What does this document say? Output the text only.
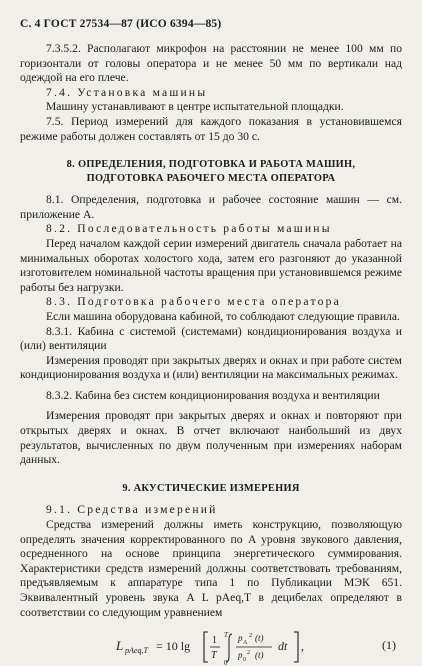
С. 4 ГОСТ 27534—87 (ИСО 6394—85)

7.3.5.2. Располагают микрофон на расстоянии не менее 100 мм по горизонтали от головы оператора и не менее 50 мм по вертикали над одеждой на его плече.

7.4. Установка машины

Машину устанавливают в центре испытательной площадки.

7.5. Период измерений для каждого показания в установившемся режиме работы должен составлять от 15 до 30 с.

8. ОПРЕДЕЛЕНИЯ, ПОДГОТОВКА И РАБОТА МАШИН,
ПОДГОТОВКА РАБОЧЕГО МЕСТА ОПЕРАТОРА

8.1. Определения, подготовка и рабочее состояние машин — см. приложение А.

8.2. Последовательность работы машины

Перед началом каждой серии измерений двигатель сначала работает на минимальных оборотах холостого хода, затем его разгоняют до указанной изготовителем номинальной частоты вращения при установившемся режиме работы без нагрузки.

8.3. Подготовка рабочего места оператора

Если машина оборудована кабиной, то соблюдают следующие правила.

8.3.1. Кабина с системой (системами) кондиционирования воздуха и (или) вентиляции

Измерения проводят при закрытых дверях и окнах и при работе систем кондиционирования воздуха и (или) вентиляции на максимальных режимах.

8.3.2. Кабина без систем кондиционирования воздуха и вентиляции

Измерения проводят при закрытых дверях и окнах и повторяют при открытых дверях и окнах. В отчет включают наибольший из двух результатов, вычисленных по двум полученным при измерениях наборам данных.

9. АКУСТИЧЕСКИЕ ИЗМЕРЕНИЯ

9.1. Средства измерений

Средства измерений должны иметь конструкцию, позволяющую определять значения корректированного по A уровня звукового давления, осредненного на основе принципа энергетического суммирования. Характеристики средств измерений должны соответствовать требованиям, предъявляемым к аппаратуре типа 1 по Публикации МЭК 651. Эквивалентный уровень звука A L pAeq,T в децибелах определяют в соответствии со следующим уравнением

L pAeq,T = 10 lg 1
T
T
0
p A
2 (t)
p 0
2 (t)
dt ,	(1)
